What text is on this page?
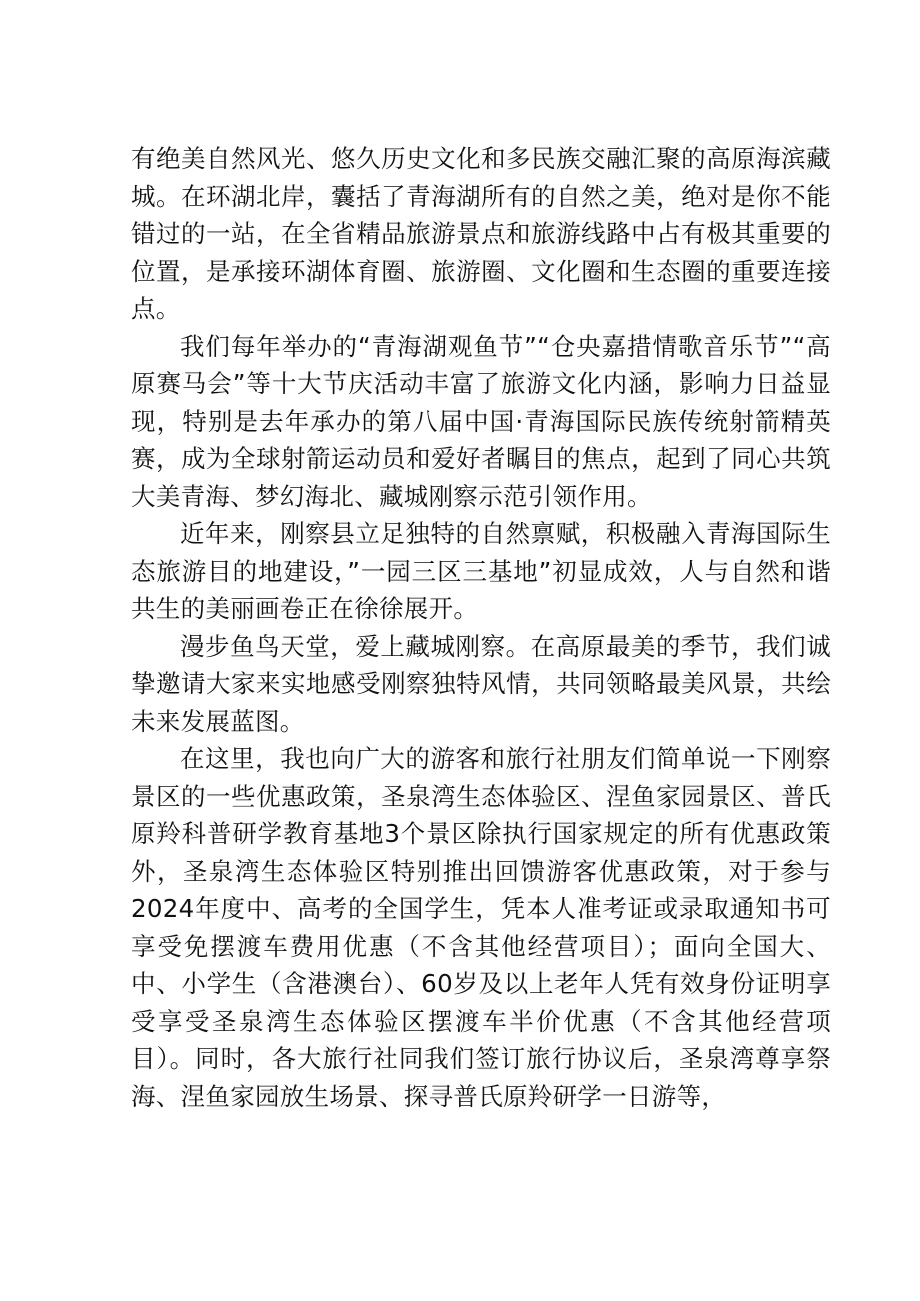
有绝美自然风光、悠久历史文化和多民族交融汇聚的高原海滨藏城。在环湖北岸，囊括了青海湖所有的自然之美，绝对是你不能错过的一站，在全省精品旅游景点和旅游线路中占有极其重要的位置，是承接环湖体育圈、旅游圈、文化圈和生态圈的重要连接点。

我们每年举办的“青海湖观鱼节”“仓央嘉措情歌音乐节”“高原赛马会”等十大节庆活动丰富了旅游文化内涵，影响力日益显现，特别是去年承办的第八届中国·青海国际民族传统射箭精英赛，成为全球射箭运动员和爱好者瞩目的焦点，起到了同心共筑大美青海、梦幻海北、藏城刚察示范引领作用。

近年来，刚察县立足独特的自然禀赋，积极融入青海国际生态旅游目的地建设，”一园三区三基地”初显成效，人与自然和谐共生的美丽画卷正在徐徐展开。

漫步鱼鸟天堂，爱上藏城刚察。在高原最美的季节，我们诚挚邀请大家来实地感受刚察独特风情，共同领略最美风景，共绘未来发展蓝图。

在这里，我也向广大的游客和旅行社朋友们简单说一下刚察景区的一些优惠政策，圣泉湾生态体验区、涅鱼家园景区、普氏原羚科普研学教育基地3个景区除执行国家规定的所有优惠政策外，圣泉湾生态体验区特别推出回馈游客优惠政策，对于参与2024年度中、高考的全国学生，凭本人准考证或录取通知书可享受免摆渡车费用优惠（不含其他经营项目）；面向全国大、中、小学生（含港澳台）、60岁及以上老年人凭有效身份证明享受享受圣泉湾生态体验区摆渡车半价优惠（不含其他经营项目）。同时，各大旅行社同我们签订旅行协议后，圣泉湾尊享祭海、涅鱼家园放生场景、探寻普氏原羚研学一日游等，
